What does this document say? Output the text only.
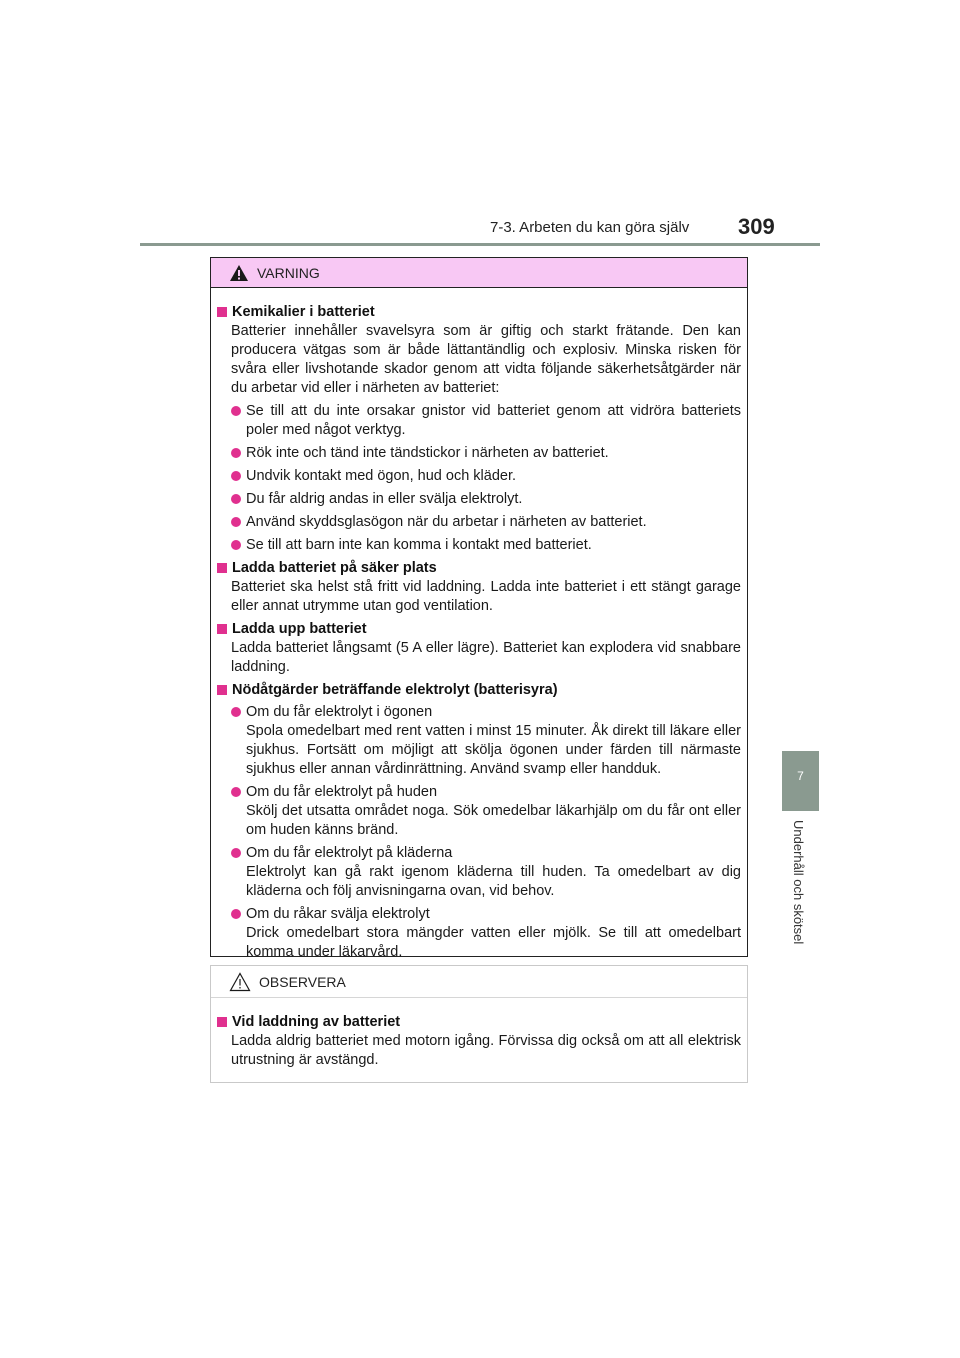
7-3. Arbeten du kan göra själv 309
7
Underhåll och skötsel
VARNING
Kemikalier i batteriet
Batterier innehåller svavelsyra som är giftig och starkt frätande. Den kan producera vätgas som är både lättantändlig och explosiv. Minska risken för svåra eller livshotande skador genom att vidta följande säkerhetsåtgärder när du arbetar vid eller i närheten av batteriet:
Se till att du inte orsakar gnistor vid batteriet genom att vidröra batteriets poler med något verktyg.
Rök inte och tänd inte tändstickor i närheten av batteriet.
Undvik kontakt med ögon, hud och kläder.
Du får aldrig andas in eller svälja elektrolyt.
Använd skyddsglasögon när du arbetar i närheten av batteriet.
Se till att barn inte kan komma i kontakt med batteriet.
Ladda batteriet på säker plats
Batteriet ska helst stå fritt vid laddning. Ladda inte batteriet i ett stängt garage eller annat utrymme utan god ventilation.
Ladda upp batteriet
Ladda batteriet långsamt (5 A eller lägre). Batteriet kan explodera vid snabbare laddning.
Nödåtgärder beträffande elektrolyt (batterisyra)
Om du får elektrolyt i ögonen
Spola omedelbart med rent vatten i minst 15 minuter. Åk direkt till läkare eller sjukhus. Fortsätt om möjligt att skölja ögonen under färden till närmaste sjukhus eller annan vårdinrättning. Använd svamp eller handduk.
Om du får elektrolyt på huden
Skölj det utsatta området noga. Sök omedelbar läkarhjälp om du får ont eller om huden känns bränd.
Om du får elektrolyt på kläderna
Elektrolyt kan gå rakt igenom kläderna till huden. Ta omedelbart av dig kläderna och följ anvisningarna ovan, vid behov.
Om du råkar svälja elektrolyt
Drick omedelbart stora mängder vatten eller mjölk. Se till att omedelbart komma under läkarvård.
OBSERVERA
Vid laddning av batteriet
Ladda aldrig batteriet med motorn igång. Förvissa dig också om att all elektrisk utrustning är avstängd.
